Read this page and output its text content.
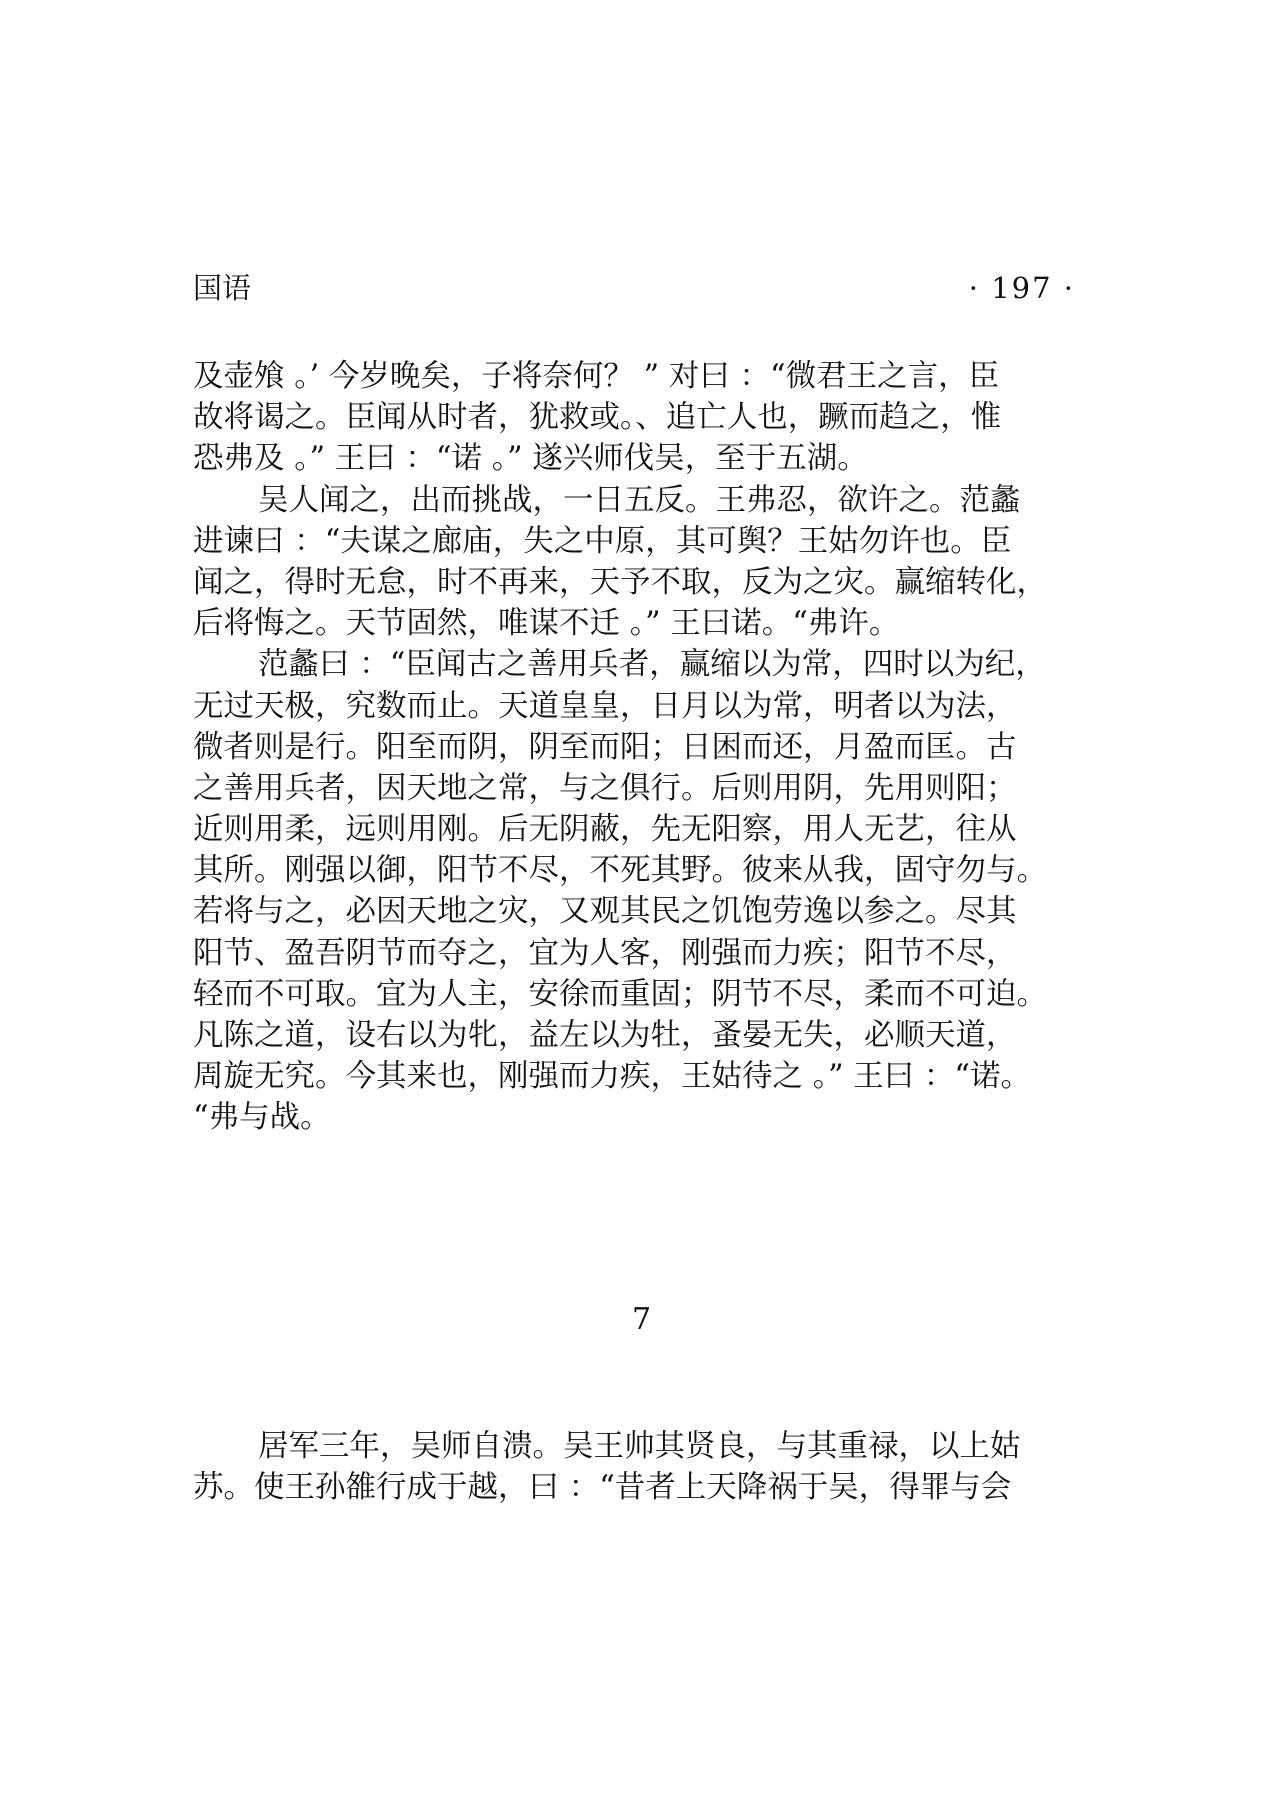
国语	· 197 ·
及壶飧 。’ 今岁晚矣，子将奈何？ ” 对曰 ：“微君王之言，臣
故将谒之。臣闻从时者，犹救或。、追亡人也，蹶而趋之，惟
恐弗及 。” 王曰 ：“诺 。” 遂兴师伐吴，至于五湖。
吴人闻之，出而挑战，一日五反。王弗忍，欲许之。范蠡
进谏曰 ：“夫谋之廊庙，失之中原，其可舆？王姑勿许也。臣
闻之，得时无怠，时不再来，天予不取，反为之灾。赢缩转化，
后将悔之。天节固然，唯谋不迁 。” 王曰诺。“弗许。
范蠡曰 ：“臣闻古之善用兵者，赢缩以为常，四时以为纪，
无过天极，究数而止。天道皇皇，日月以为常，明者以为法，
微者则是行。阳至而阴，阴至而阳；日困而还，月盈而匡。古
之善用兵者，因天地之常，与之俱行。后则用阴，先用则阳；
近则用柔，远则用刚。后无阴蔽，先无阳察，用人无艺，往从
其所。刚强以御，阳节不尽，不死其野。彼来从我，固守勿与。
若将与之，必因天地之灾，又观其民之饥饱劳逸以参之。尽其
阳节、盈吾阴节而夺之，宜为人客，刚强而力疾；阳节不尽，
轻而不可取。宜为人主，安徐而重固；阴节不尽，柔而不可迫。
凡陈之道，设右以为牝，益左以为牡，蚤晏无失，必顺天道，
周旋无究。今其来也，刚强而力疾，王姑待之 。” 王曰 ：“诺。
“弗与战。
7
居军三年，吴师自溃。吴王帅其贤良，与其重禄，以上姑
苏。使王孙雒行成于越，曰 ：“昔者上天降祸于吴，得罪与会
